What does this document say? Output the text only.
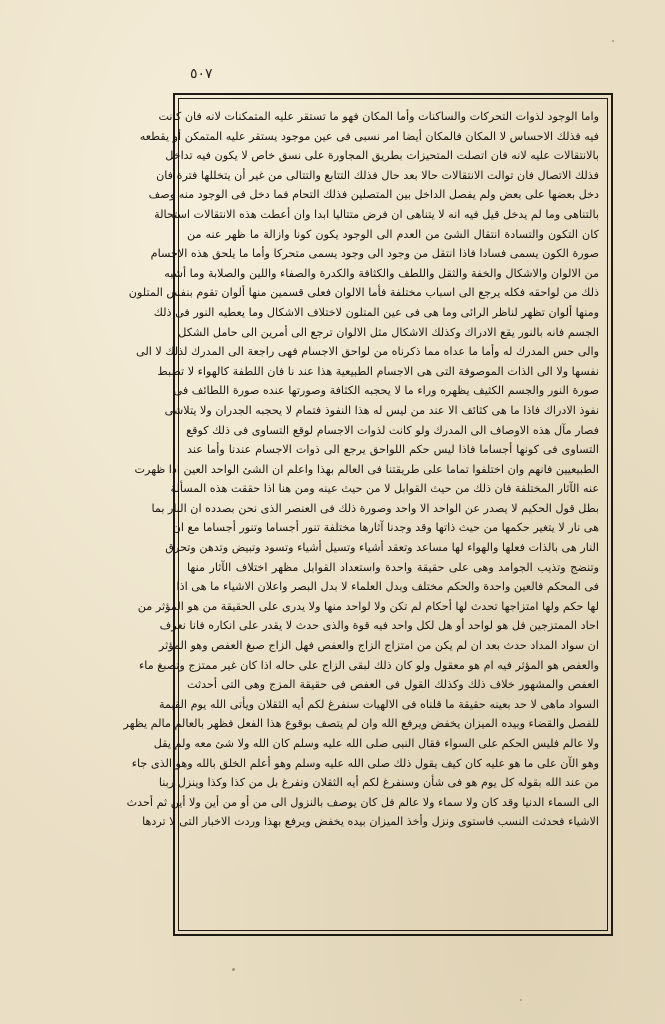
٥٠٧
واما الوجود لذوات التحركات والساكنات وأما المكان فهو ما تستقر عليه المتمكنات لانه فان كانت
فيه فذلك الاحساس لا المكان فالمكان أيضا امر نسبى فى عين موجود يستقر عليه المتمكن أو يقطعه
بالانتقالات عليه لانه فان اتصلت المتحيزات بطريق المجاورة على نسق خاص لا يكون فيه تداخل
فذلك الاتصال فان توالت الانتقالات حالا بعد حال فذلك التتابع والتتالى من غير أن يتخللها فترة فان
دخل بعضها على بعض ولم يفصل الداخل بين المتصلين فذلك التحام فما دخل فى الوجود منه وصف
بالتناهى وما لم يدخل قيل فيه انه لا يتناهى ان فرض متتاليا ابدا وان أعطت هذه الانتقالات استحالة
كان التكون والتسادة انتقال الشئ من العدم الى الوجود يكون كونا وازالة ما ظهر عنه من
صورة الكون يسمى فسادا فاذا انتقل من وجود الى وجود يسمى متحركا وأما ما يلحق هذه الاجسام
من الالوان والاشكال والخفة والثقل واللطف والكثافة والكدرة والصفاء واللين والصلابة وما أشبه
ذلك من لواحقه فكله يرجع الى اسباب مختلفة فأما الالوان فعلى قسمين منها ألوان تقوم بنفس المتلون
ومنها ألوان تظهر لناظر الرائى وما هى فى عين المتلون لاختلاف الاشكال وما يعطيه النور فى ذلك
الجسم فانه بالنور يقع الادراك وكذلك الاشكال مثل الالوان ترجع الى أمرين الى حامل الشكل
والى حس المدرك له وأما ما عداه مما ذكرناه من لواحق الاجسام فهى راجعة الى المدرك لذلك لا الى
نفسها ولا الى الذات الموصوفة التى هى الاجسام الطبيعية هذا عند نا فان اللطفة كالهواء لا تضبط
صورة النور والجسم الكثيف يظهره وراء ما لا يحجبه الكثافة وصورتها عنده صورة اللطائف فى
نفوذ الادراك فاذا ما هى كثائف الا عند من ليس له هذا النفوذ فتمام لا يحجبه الجدران ولا يتلاشى
فصار مآل هذه الاوصاف الى المدرك ولو كانت لذوات الاجسام لوقع التساوى فى ذلك كوقع
التساوى فى كونها أجساما فاذا ليس حكم اللواحق يرجع الى ذوات الاجسام عندنا وأما عند
الطبيعيين فانهم وان اختلفوا تماما على طريقتنا فى العالم بهذا واعلم ان الشئ الواحد العين اذا ظهرت
عنه الآثار المختلفة فان ذلك من حيث القوابل لا من حيث عينه ومن هنا اذا حققت هذه المسألة
بطل قول الحكيم لا يصدر عن الواحد الا واحد وصورة ذلك فى العنصر الذى نحن بصدده ان النار بما
هى نار لا يتغير حكمها من حيث ذاتها وقد وجدنا آثارها مختلفة تنور أجساما وتنور أجساما مع ان
النار هى بالذات فعلها والهواء لها مساعد وتعقد أشياء وتسيل أشياء وتسود وتبيض وتدهن وتحرق
وتنضج وتذيب الجوامد وهى على حقيقة واحدة واستعداد القوابل مظهر اختلاف الآثار منها
فى المحكم فالعين واحدة والحكم مختلف وبدل العلماء لا بدل البصر واعلان الاشياء ما هى اذا
لها حكم ولها امتزاجها تحدث لها أحكام لم تكن ولا لواحد منها ولا يدرى على الحقيقة من هو المؤثر من
احاد الممتزجين فل هو لواحد أو هل لكل واحد فيه قوة والذى حدث لا يقدر على انكاره فانا نعرف
ان سواد المداد حدث بعد ان لم يكن من امتزاج الزاج والعفص فهل الزاج صبغ العفص وهو المؤثر
والعفص هو المؤثر فيه ام هو معقول ولو كان ذلك لبقى الزاج على حاله اذا كان غير ممتزج وتصبغ ماء
العفص والمشهور خلاف ذلك وكذلك القول فى العفص فى حقيقة المزج وهى التى أحدثت
السواد ماهى لا حد بعينه حقيقة ما قلناه فى الالهيات سنفرغ لكم أيه الثقلان ويأتى الله يوم القيمة
للفصل والقضاء وبيده الميزان يخفض ويرفع الله وان لم يتصف بوقوع هذا الفعل فظهر بالعالم مالم يظهر
ولا عالم فليس الحكم على السواء فقال النبى صلى الله عليه وسلم كان الله ولا شئ معه ولم يقل
وهو الآن على ما هو عليه كان كيف يقول ذلك صلى الله عليه وسلم وهو أعلم الخلق بالله وهو الذى جاء
من عند الله بقوله كل يوم هو فى شأن وسنفرغ لكم أيه الثقلان ونفرغ بل من كذا وكذا وينزل ربنا
الى السماء الدنيا وقد كان ولا سماء ولا عالم فل كان يوصف بالنزول الى من أو من أين ولا أين ثم أحدث
الاشياء فحدثت النسب فاستوى ونزل وأخذ الميزان بيده يخفض ويرفع بهذا وردت الاخبار التى لا تردها
